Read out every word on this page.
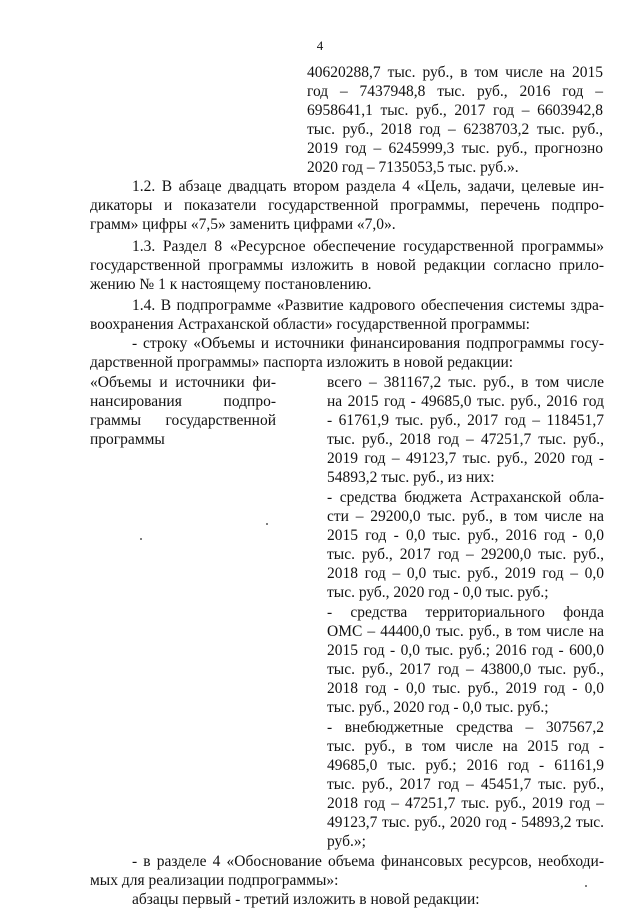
4
40620288,7 тыс. руб., в том числе на 2015
год – 7437948,8 тыс. руб., 2016 год –
6958641,1 тыс. руб., 2017 год – 6603942,8
тыс. руб., 2018 год – 6238703,2 тыс. руб.,
2019 год – 6245999,3 тыс. руб., прогнозно
2020 год – 7135053,5 тыс. руб.».
1.2. В абзаце двадцать втором раздела 4 «Цель, задачи, целевые ин-
дикаторы и показатели государственной программы, перечень подпро-
грамм» цифры «7,5» заменить цифрами «7,0».
1.3. Раздел 8 «Ресурсное обеспечение государственной программы»
государственной программы изложить в новой редакции согласно прило-
жению № 1 к настоящему постановлению.
1.4. В подпрограмме «Развитие кадрового обеспечения системы здра-
воохранения Астраханской области» государственной программы:
- строку «Объемы и источники финансирования подпрограммы госу-
дарственной программы» паспорта изложить в новой редакции:
«Объемы и источники фи-
нансирования подпро-
граммы государственной
программы
всего – 381167,2 тыс. руб., в том числе
на 2015 год - 49685,0 тыс. руб., 2016 год
- 61761,9 тыс. руб., 2017 год – 118451,7
тыс. руб., 2018 год – 47251,7 тыс. руб.,
2019 год – 49123,7 тыс. руб., 2020 год -
54893,2 тыс. руб., из них:
- средства бюджета Астраханской обла-
сти – 29200,0 тыс. руб., в том числе на
2015 год - 0,0 тыс. руб., 2016 год - 0,0
тыс. руб., 2017 год – 29200,0 тыс. руб.,
2018 год – 0,0 тыс. руб., 2019 год – 0,0
тыс. руб., 2020 год - 0,0 тыс. руб.;
- средства территориального фонда
ОМС – 44400,0 тыс. руб., в том числе на
2015 год - 0,0 тыс. руб.; 2016 год - 600,0
тыс. руб., 2017 год – 43800,0 тыс. руб.,
2018 год - 0,0 тыс. руб., 2019 год - 0,0
тыс. руб., 2020 год - 0,0 тыс. руб.;
- внебюджетные средства – 307567,2
тыс. руб., в том числе на 2015 год -
49685,0 тыс. руб.; 2016 год - 61161,9
тыс. руб., 2017 год – 45451,7 тыс. руб.,
2018 год – 47251,7 тыс. руб., 2019 год –
49123,7 тыс. руб., 2020 год - 54893,2 тыс.
руб.»;
- в разделе 4 «Обоснование объема финансовых ресурсов, необходи-
мых для реализации подпрограммы»:
абзацы первый - третий изложить в новой редакции:
